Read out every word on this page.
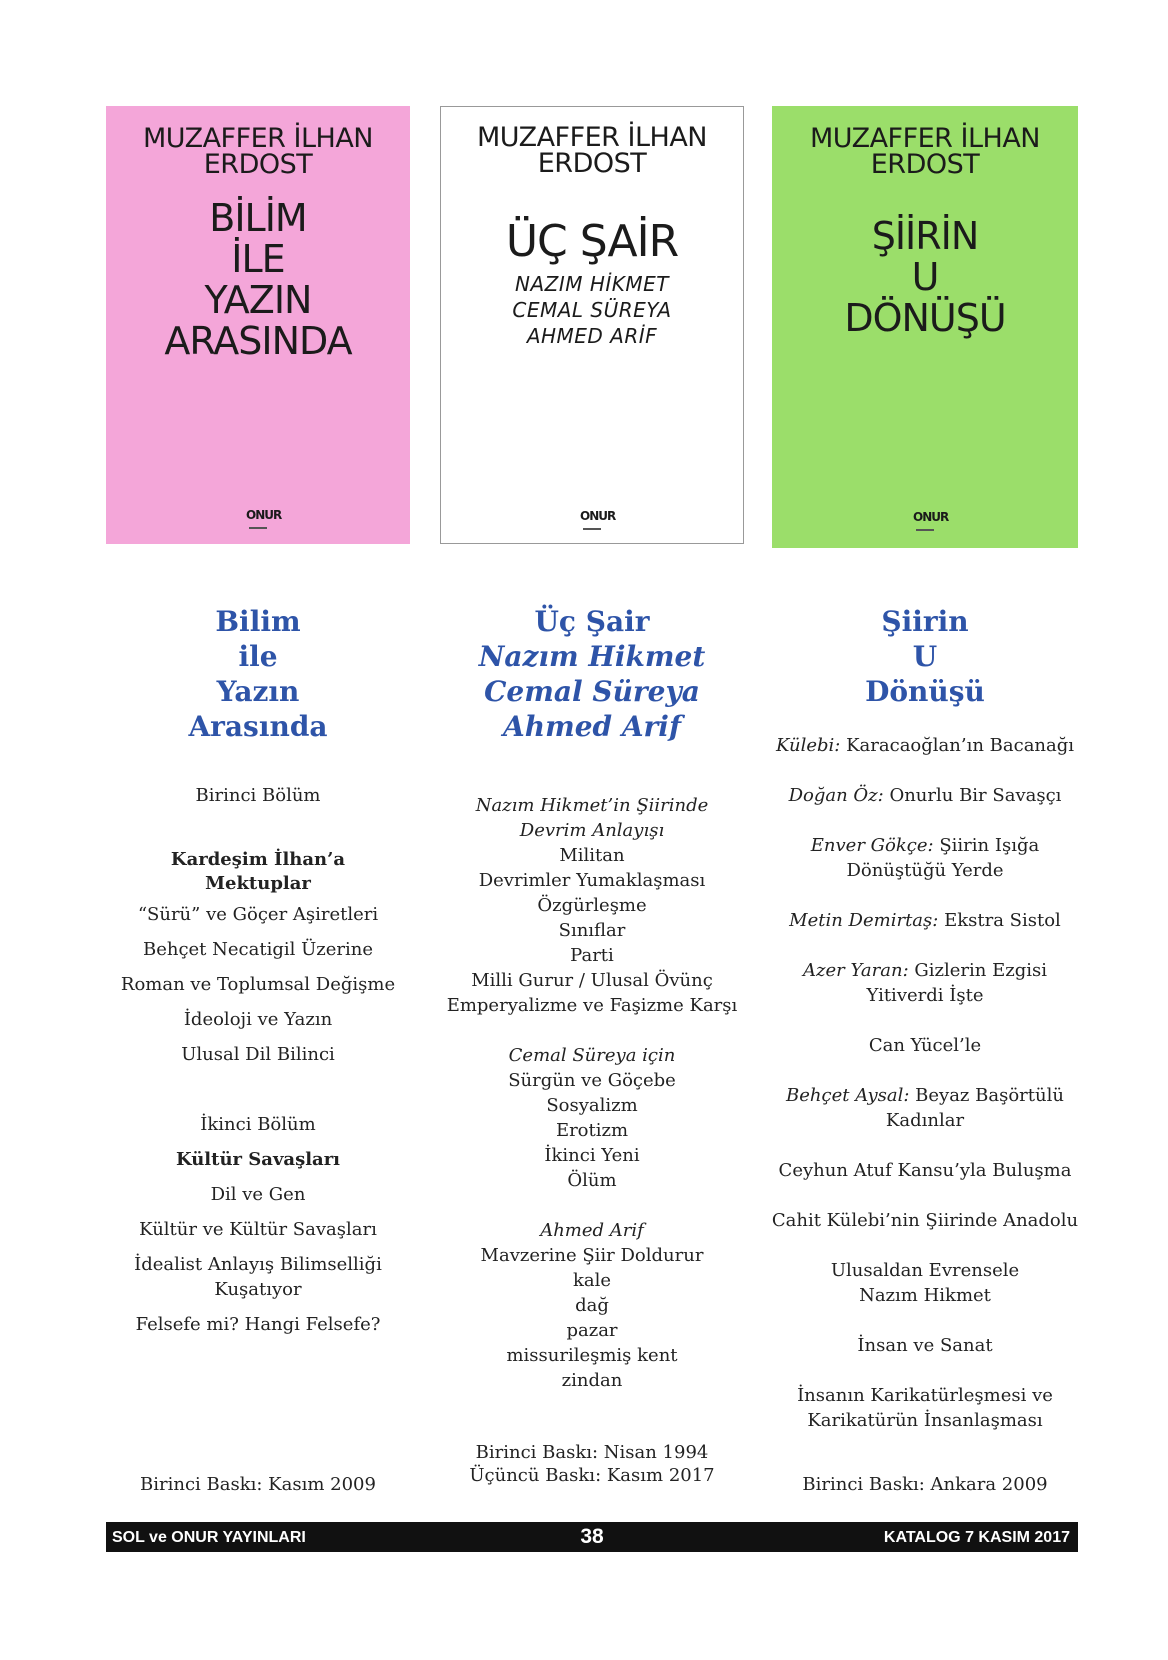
MUZAFFER İLHAN
ERDOST
BİLİM
İLE
YAZIN
ARASINDA
ONUR
MUZAFFER İLHAN
ERDOST
ÜÇ ŞAİR
NAZIM HİKMET
CEMAL SÜREYA
AHMED ARİF
ONUR
MUZAFFER İLHAN
ERDOST
ŞİİRİN
U
DÖNÜŞÜ
ONUR
Bilim
ile
Yazın
Arasında
Birinci Bölüm
Kardeşim İlhan’a
Mektuplar
“Sürü” ve Göçer Aşiretleri
Behçet Necatigil Üzerine
Roman ve Toplumsal Değişme
İdeoloji ve Yazın
Ulusal Dil Bilinci
İkinci Bölüm
Kültür Savaşları
Dil ve Gen
Kültür ve Kültür Savaşları
İdealist Anlayış Bilimselliği
Kuşatıyor
Felsefe mi? Hangi Felsefe?
Birinci Baskı: Kasım 2009
Üç Şair
Nazım Hikmet
Cemal Süreya
Ahmed Arif
Nazım Hikmet’in Şiirinde
Devrim Anlayışı
Militan
Devrimler Yumaklaşması
Özgürleşme
Sınıflar
Parti
Milli Gurur / Ulusal Övünç
Emperyalizme ve Faşizme Karşı
Cemal Süreya için
Sürgün ve Göçebe
Sosyalizm
Erotizm
İkinci Yeni
Ölüm
Ahmed Arif
Mavzerine Şiir Doldurur
kale
dağ
pazar
missurileşmiş kent
zindan
Birinci Baskı: Nisan 1994
Üçüncü Baskı: Kasım 2017
Şiirin
U
Dönüşü
Külebi: Karacaoğlan’ın Bacanağı
Doğan Öz: Onurlu Bir Savaşçı
Enver Gökçe: Şiirin Işığa
Dönüştüğü Yerde
Metin Demirtaş: Ekstra Sistol
Azer Yaran: Gizlerin Ezgisi
Yitiverdi İşte
Can Yücel’le
Behçet Aysal: Beyaz Başörtülü
Kadınlar
Ceyhun Atuf Kansu’yla Buluşma
Cahit Külebi’nin Şiirinde Anadolu
Ulusaldan Evrensele
Nazım Hikmet
İnsan ve Sanat
İnsanın Karikatürleşmesi ve
Karikatürün İnsanlaşması
Birinci Baskı: Ankara 2009
SOL ve ONUR YAYINLARI	38	KATALOG 7 KASIM 2017
